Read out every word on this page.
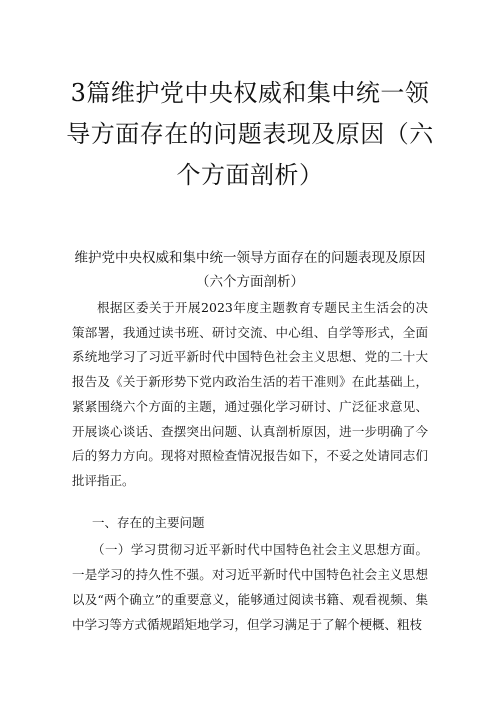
3篇维护党中央权威和集中统一领导方面存在的问题表现及原因（六个方面剖析）

维护党中央权威和集中统一领导方面存在的问题表现及原因（六个方面剖析）

根据区委关于开展2023年度主题教育专题民主生活会的决策部署，我通过读书班、研讨交流、中心组、自学等形式，全面系统地学习了习近平新时代中国特色社会主义思想、党的二十大报告及《关于新形势下党内政治生活的若干准则》在此基础上，紧紧围绕六个方面的主题，通过强化学习研讨、广泛征求意见、开展谈心谈话、查摆突出问题、认真剖析原因，进一步明确了今后的努力方向。现将对照检查情况报告如下，不妥之处请同志们批评指正。

一、存在的主要问题

（一）学习贯彻习近平新时代中国特色社会主义思想方面。一是学习的持久性不强。对习近平新时代中国特色社会主义思想以及“两个确立”的重要意义，能够通过阅读书籍、观看视频、集中学习等方式循规蹈矩地学习，但学习满足于了解个梗概、粗枝
